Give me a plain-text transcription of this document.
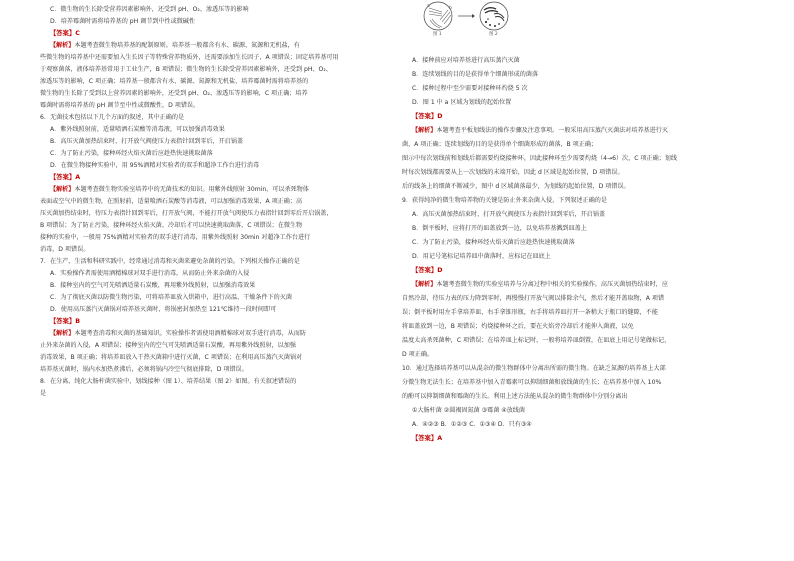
C．微生物的生长除受营养因素影响外，还受到 pH、O₂、渗透压等的影响
D．培养霉菌时需将培养基的 pH 调节到中性或微碱性
【答案】C
【解析】本题考查微生物培养基的配制原则。培养基一般都含有水、碳源、氮源和无机盐，有
些微生物的培养基中还需要加入生长因子等特殊营养物质外，还需要添加生长因子，A 项错误；固定培养基可用
于观察菌落，液体培养基常用于工业生产，B 项错误；微生物的生长除受营养因素影响外，还受到 pH、O₂、
渗透压等的影响，C 项正确；培养基一般都含有水、碳源、氮源和无机盐，培养霉菌时需将培养基的
微生物的生长除了受到以上营养因素的影响外，还受到 pH、O₂、渗透压等的影响，C 项正确；培养
霉菌时需将培养基的 pH 调节至中性或微酸性，D 项错误。
6．无菌技术包括以下几个方面的叙述，其中正确的是
A．紫外线照射前，适量喷洒石炭酸等消毒液，可以加强消毒效果
B．高压灭菌加热结束时，打开放气阀使压力表指针回到零后，开启锅盖
C．为了防止污染，接种环经火焰灭菌后应趁热快速挑取菌落
D．在微生物接种实验中，用 95%酒精对实验者的双手和超净工作台进行消毒
【答案】A
【解析】本题考查微生物实验室培养中的无菌技术的知识。用紫外线照射 30min，可以杀死物体
表面或空气中的微生物，在照射前，适量喷洒石炭酸等消毒液，可以加强消毒效果，A 项正确；高
压灭菌加热结束时，待压力表指针回到零后，打开放气阀，不能打开放气阀使压力表指针回到零后开启锅盖，
B 项错误；为了防止污染，接种环经火焰灭菌、冷却后才可以快速挑取菌落，C 项错误；在微生物
接种的实验中，一般用 75%酒精对实验者的双手进行消毒，用紫外线照射 30min 对超净工作台进行
消毒，D 项错误。
7．在生产、生活和科研实践中，经常通过消毒和灭菌来避免杂菌的污染。下列相关操作正确的是
A．实验操作者需使用酒精棉球对双手进行消毒，从而防止外来杂菌的入侵
B．接种室内的空气可先喷洒适量石炭酸，再用紫外线照射，以加强消毒效果
C．为了彻底灭菌以防微生物污染，可将培养皿放入烘箱中，进行高温、干燥条件下的灭菌
D．使用高压蒸汽灭菌锅对培养基灭菌时，将锅密封加热至 121℃维持一段时间即可
【答案】B
【解析】本题考查消毒和灭菌的基础知识。实验操作者需使用酒精棉球对双手进行消毒，从而防
止外来杂菌的入侵，A 项错误；接种室内的空气可先喷洒适量石炭酸，再用紫外线照射，以加强
消毒效果，B 项正确；将培养皿放入干热灭菌箱中进行灭菌，C 项错误；在利用高压蒸汽灭菌锅对
培养基灭菌时，锅内水加热煮沸后，必须将锅内冷空气彻底排除，D 项错误。
8．在分离、纯化大肠杆菌实验中，划线接种（图 1）、培养结果（图 2）如图。有关叙述错误的
是
a	b
图 1	图 2
A．接种前应对培养基进行高压蒸汽灭菌
B．连续划线的目的是获得单个细菌形成的菌落
C．接种过程中至少需要对接种环灼烧 5 次
D．图 1 中 a 区域为划线的起始位置
【答案】D
【解析】本题考查平板划线法的操作步骤及注意事项。一般采用高压蒸汽灭菌法对培养基进行灭
菌，A 项正确；连续划线的目的是获得单个细菌形成的菌落，B 项正确；
图示中每次划线前和划线后都需要灼烧接种环，因此接种环至少需要灼烧（4→6）次，C 项正确；划线
时每次划线都需要从上一次划线的末端开始，因此 d 区域是起始位置，D 项错误。
后的线条上的细菌不断减少，图中 d 区域菌落最少，为划线的起始位置，D 项错误。
9．获得纯净的微生物培养物的关键是防止外来杂菌入侵，下列叙述正确的是
A．高压灭菌加热结束时，打开放气阀使压力表指针回到零后，开启锅盖
B．倒平板时，应将打开的皿盖放到一边，以免培养基溅到皿盖上
C．为了防止污染，接种环经火焰灭菌后应趁热快速挑取菌落
D．用记号笔标记培养皿中菌落时，应标记在皿底上
【答案】D
【解析】本题考查微生物的实验室培养与分离过程中相关的实验操作。高压灭菌加热结束时，应
自然冷却，待压力表的压力降到零时，再慢慢打开放气阀以排除余气，然后才能开盖取物，A 项错
误；倒平板时用左手拿培养皿，右手拿锥形瓶，右手将培养皿打开一条稍大于瓶口的缝隙，不能
将皿盖放到一边，B 项错误；灼烧接种环之后，要在火焰旁冷却后才能伸入菌液，以免
温度太高杀死菌种，C 项错误；在培养皿上标记时，一般将培养皿倒置，在皿底上用记号笔做标记，
D 项正确。
10．通过选择培养基可以从混杂的微生物群体中分离出所需的微生物。在缺乏氮源的培养基上大部
分微生物无法生长；在培养基中加入青霉素可以抑制细菌和放线菌的生长；在培养基中加入 10%
的酚可以抑制细菌和霉菌的生长。利用上述方法能从混杂的微生物群体中分别分离出
①大肠杆菌 ②圆褐固氮菌 ③霉菌 ④放线菌
A．④②③ B．①②③ C．①③④ D．只有③④
【答案】A
